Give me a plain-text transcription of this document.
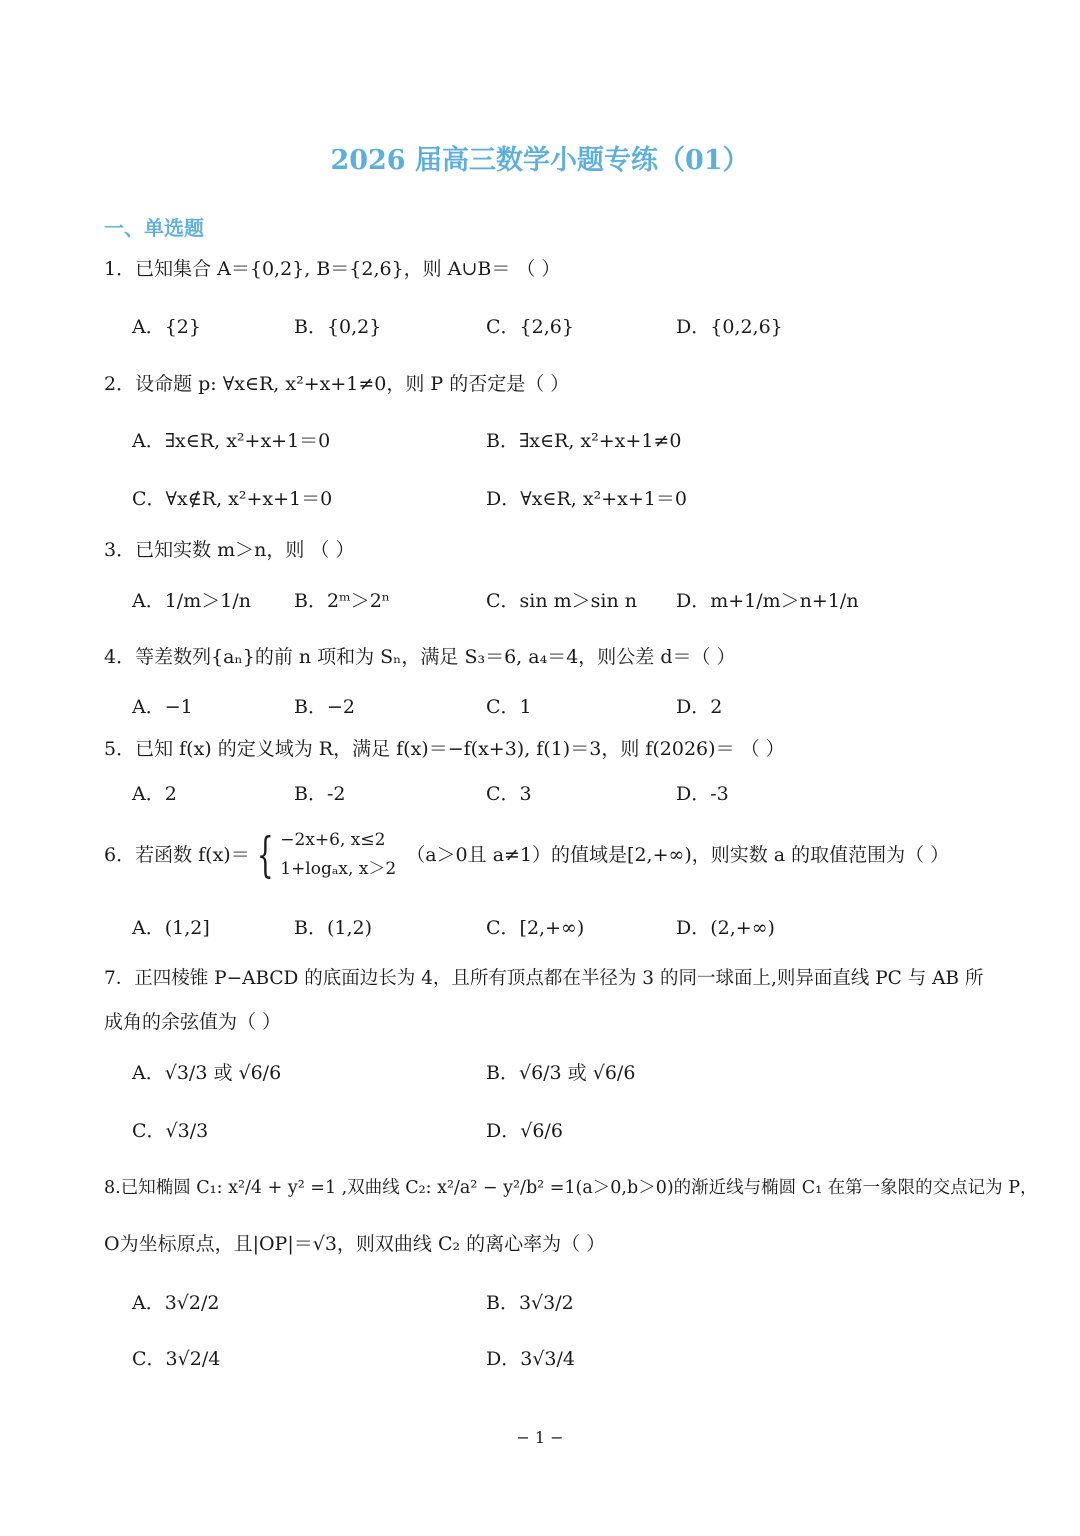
2026 届高三数学小题专练（01）
一、单选题
1．已知集合 A＝{0,2}, B＝{2,6}，则 A∪B＝ （ ）
A．{2}	B．{0,2}	C．{2,6}	D．{0,2,6}
2．设命题 p: ∀x∈R, x²+x+1≠0，则 P 的否定是（ ）
A．∃x∈R, x²+x+1＝0	B．∃x∈R, x²+x+1≠0
C．∀x∉R, x²+x+1＝0	D．∀x∈R, x²+x+1＝0
3．已知实数 m＞n，则 （ ）
A．1/m＞1/n B．2ᵐ＞2ⁿ	C．sin m＞sin n D．m+1/m＞n+1/n
4．等差数列{aₙ}的前 n 项和为 Sₙ，满足 S₃＝6, a₄＝4，则公差 d＝（ ）
A．−1	B．−2	C．1	D．2
5．已知 f(x) 的定义域为 R，满足 f(x)＝−f(x+3), f(1)＝3，则 f(2026)＝ （ ）
A．2	B．-2	C．3	D．-3
6．若函数 f(x)＝ { −2x+6, x≤2
1+logₐx, x＞2
（a＞0且 a≠1）的值域是[2,+∞)，则实数 a 的取值范围为（ ）
A．(1,2]	B．(1,2)	C．[2,+∞)	D．(2,+∞)
7．正四棱锥 P−ABCD 的底面边长为 4，且所有顶点都在半径为 3 的同一球面上,则异面直线 PC 与 AB 所
成角的余弦值为（ ）
A．√3/3 或 √6/6	B．√6/3 或 √6/6
C．√3/3	D．√6/6
8.已知椭圆 C₁: x²/4 + y² =1 ,双曲线 C₂: x²/a² − y²/b² =1(a＞0,b＞0)的渐近线与椭圆 C₁ 在第一象限的交点记为 P，
O为坐标原点，且|OP|＝√3，则双曲线 C₂ 的离心率为（ ）
A．3√2/2	B．3√3/2
C．3√2/4	D．3√3/4
− 1 −
